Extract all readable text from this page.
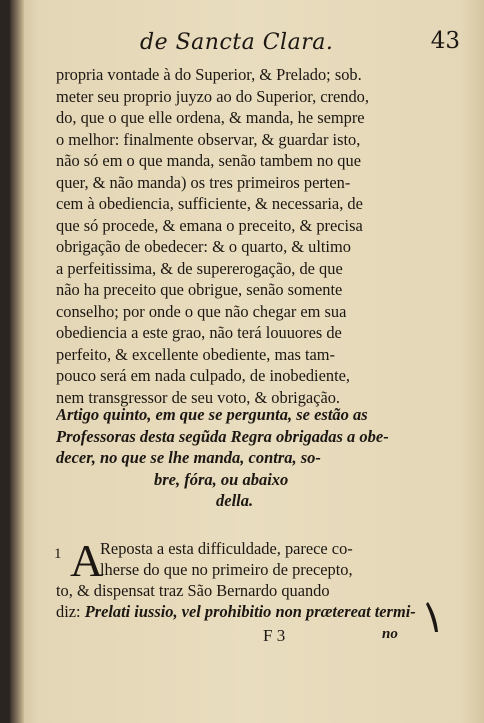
de Sancta Clara.	43
propria vontade à do Superior, & Prelado; sob.
meter seu proprio juyzo ao do Superior, crendo,
do, que o que elle ordena, & manda, he sempre
o melhor: finalmente observar, & guardar isto,
não só em o que manda, senão tambem no que
quer, & não manda) os tres primeiros perten-
cem à obediencia, sufficiente, & necessaria, de
que só procede, & emana o preceito, & precisa
obrigação de obedecer: & o quarto, & ultimo
a perfeitissima, & de supererogação, de que
não ha preceito que obrigue, senão somente
conselho; por onde o que não chegar em sua
obediencia a este grao, não terá louuores de
perfeito, & excellente obediente, mas tam-
pouco será em nada culpado, de inobediente,
nem transgressor de seu voto, & obrigação.
Artigo quinto, em que se pergunta, se estão as
Professoras desta segũda Regra obrigadas a obe-
decer, no que se lhe manda, contra, so-
bre, fóra, ou abaixo
della.
1 A
Reposta a esta difficuldade, parece co-
lherse do que no primeiro de precepto,
to, & dispensat traz São Bernardo quando
diz: Prelati iussio, vel prohibitio non prætereat termi-
F 3	no
